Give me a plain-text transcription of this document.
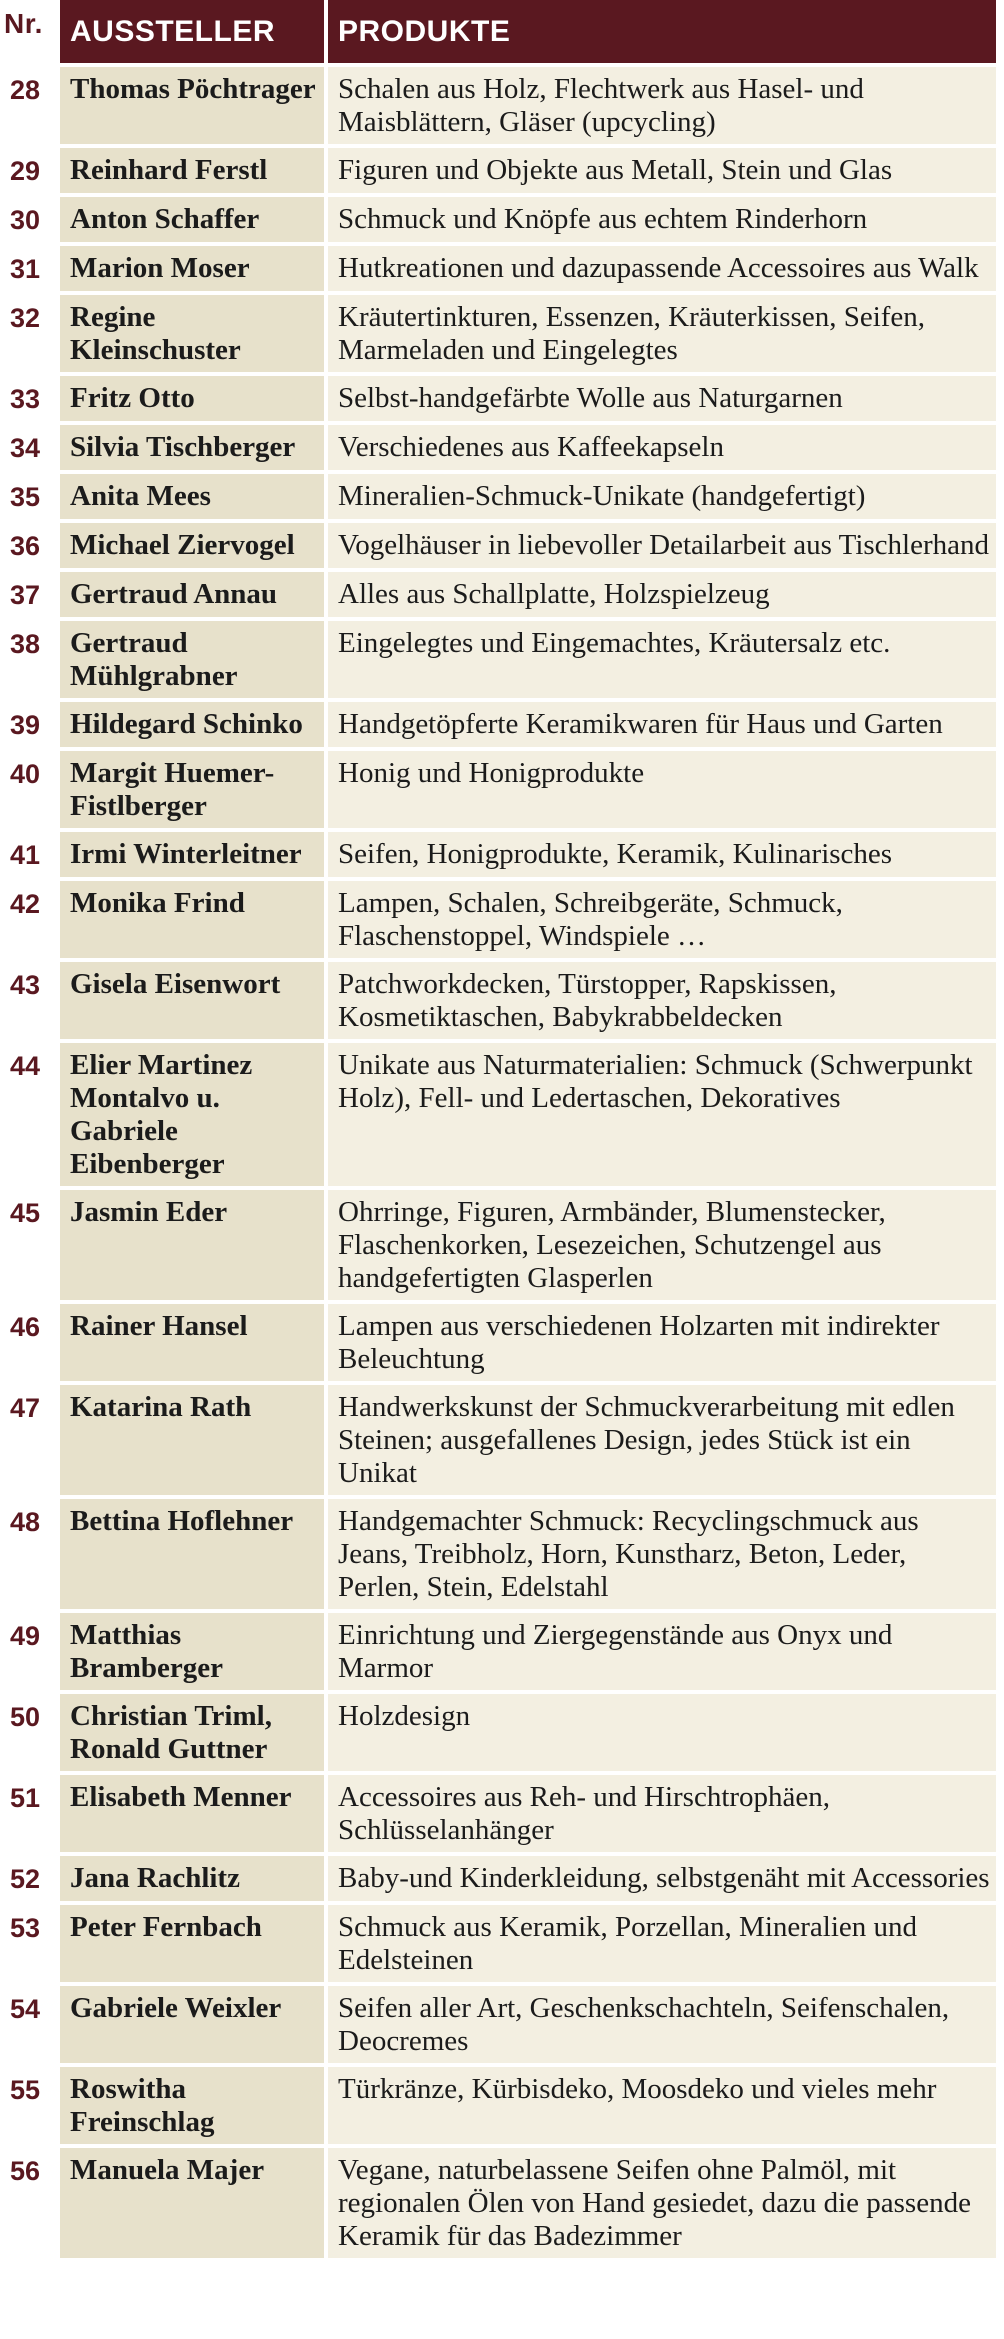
Nr.	AUSSTELLER	PRODUKTE	
28	Thomas Pöchtrager	Schalen aus Holz, Flechtwerk aus Hasel- und Maisblättern, Gläser (upcycling)	
29	Reinhard Ferstl	Figuren und Objekte aus Metall, Stein und Glas	
30	Anton Schaffer	Schmuck und Knöpfe aus echtem Rinderhorn	
31	Marion Moser	Hutkreationen und dazupassende Accessoires aus Walk	
32	Regine Kleinschuster	Kräutertinkturen, Essenzen, Kräuterkissen, Seifen, Marmeladen und Eingelegtes	
33	Fritz Otto	Selbst-handgefärbte Wolle aus Naturgarnen	
34	Silvia Tischberger	Verschiedenes aus Kaffeekapseln	
35	Anita Mees	Mineralien-Schmuck-Unikate (handgefertigt)	
36	Michael Ziervogel	Vogelhäuser in liebevoller Detailarbeit aus Tischlerhand	
37	Gertraud Annau	Alles aus Schallplatte, Holzspielzeug	
38	Gertraud Mühlgrabner	Eingelegtes und Eingemachtes, Kräutersalz etc.	
39	Hildegard Schinko	Handgetöpferte Keramikwaren für Haus und Garten	
40	Margit Huemer-Fistlberger	Honig und Honigprodukte	
41	Irmi Winterleitner	Seifen, Honigprodukte, Keramik, Kulinarisches	
42	Monika Frind	Lampen, Schalen, Schreibgeräte, Schmuck, Flaschenstoppel, Windspiele …	
43	Gisela Eisenwort	Patchworkdecken, Türstopper, Rapskissen, Kosmetiktaschen, Babykrabbeldecken	
44	Elier Martinez Montalvo u. Gabriele Eibenberger	Unikate aus Naturmaterialien: Schmuck (Schwerpunkt Holz), Fell- und Ledertaschen, Dekoratives	
45	Jasmin Eder	Ohrringe, Figuren, Armbänder, Blumenstecker, Flaschenkorken, Lesezeichen, Schutzengel aus handgefertigten Glasperlen	
46	Rainer Hansel	Lampen aus verschiedenen Holzarten mit indirekter Beleuchtung	
47	Katarina Rath	Handwerkskunst der Schmuckverarbeitung mit edlen Steinen; ausgefallenes Design, jedes Stück ist ein Unikat	
48	Bettina Hoflehner	Handgemachter Schmuck: Recyclingschmuck aus Jeans, Treibholz, Horn, Kunstharz, Beton, Leder, Perlen, Stein, Edelstahl	
49	Matthias Bramberger	Einrichtung und Ziergegenstände aus Onyx und Marmor	
50	Christian Triml, Ronald Guttner	Holzdesign	
51	Elisabeth Menner	Accessoires aus Reh- und Hirschtrophäen, Schlüsselanhänger	
52	Jana Rachlitz	Baby-und Kinderkleidung, selbstgenäht mit Accessories	
53	Peter Fernbach	Schmuck aus Keramik, Porzellan, Mineralien und Edelsteinen	
54	Gabriele Weixler	Seifen aller Art, Geschenkschachteln, Seifenschalen, Deocremes	
55	Roswitha Freinschlag	Türkränze, Kürbisdeko, Moosdeko und vieles mehr	
56	Manuela Majer	Vegane, naturbelassene Seifen ohne Palmöl, mit regionalen Ölen von Hand gesiedet, dazu die passende Keramik für das Badezimmer	
